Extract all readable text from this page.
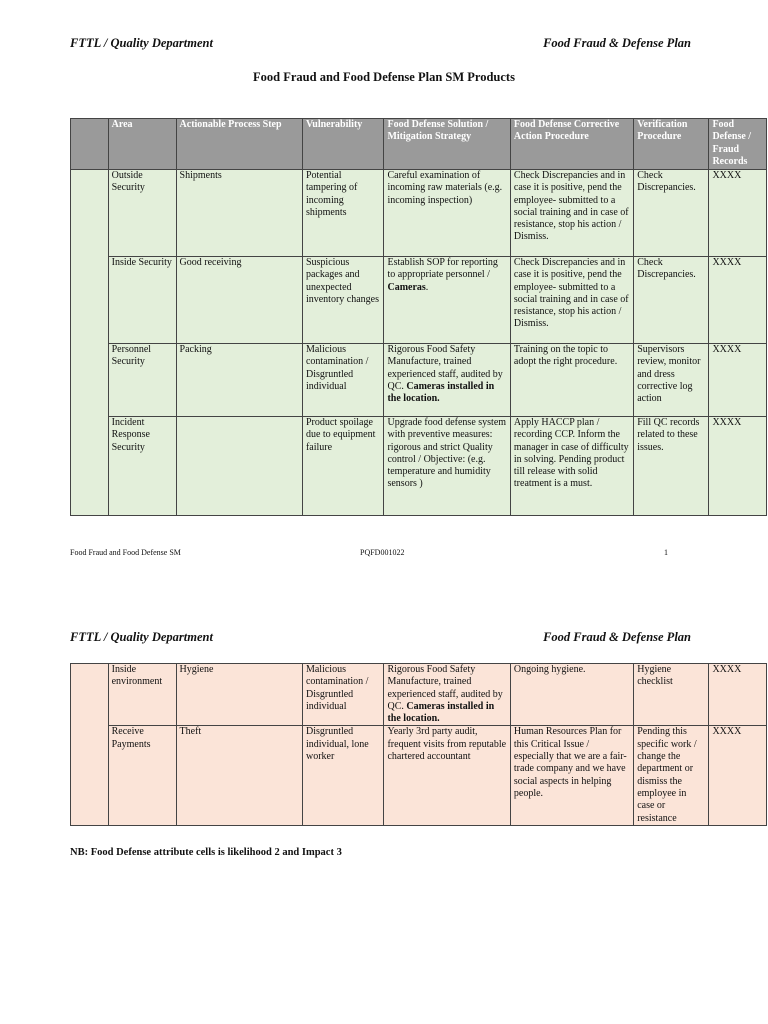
FTTL / Quality Department	Food Fraud & Defense Plan
Food Fraud and Food Defense Plan SM Products
	Area	Actionable Process Step	Vulnerability	Food Defense Solution / Mitigation Strategy	Food Defense Corrective Action Procedure	Verification Procedure	Food Defense / Fraud Records
Food	Outside Security	Shipments	Potential tampering of incoming shipments	Careful examination of incoming raw materials (e.g. incoming inspection)	Check Discrepancies and in case it is positive, pend the employee- submitted to a social training and in case of resistance, stop his action / Dismiss.	Check Discrepancies.	XXXX
	Inside Security	Good receiving	Suspicious packages and unexpected inventory changes	Establish SOP for reporting to appropriate personnel / Cameras.	Check Discrepancies and in case it is positive, pend the employee- submitted to a social training and in case of resistance, stop his action / Dismiss.	Check Discrepancies.	XXXX
	Personnel Security	Packing	Malicious contamination / Disgruntled individual	Rigorous Food Safety Manufacture, trained experienced staff, audited by QC. Cameras installed in the location.	Training on the topic to adopt the right procedure.	Supervisors review, monitor and dress corrective log action	XXXX
	Incident Response Security		Product spoilage due to equipment failure	Upgrade food defense system with preventive measures: rigorous and strict Quality control / Objective: (e.g. temperature and humidity sensors )	Apply HACCP plan / recording CCP. Inform the manager in case of difficulty in solving. Pending product till release with solid treatment is a must.	Fill QC records related to these issues.	XXXX
Food Fraud and Food Defense SM	PQFD001022	1
FTTL / Quality Department	Food Fraud & Defense Plan
	Inside environment	Hygiene	Malicious contamination / Disgruntled individual	Rigorous Food Safety Manufacture, trained experienced staff, audited by QC. Cameras installed in the location.	Ongoing hygiene.	Hygiene checklist	XXXX
	Receive Payments	Theft	Disgruntled individual, lone worker	Yearly 3rd party audit, frequent visits from reputable chartered accountant	Human Resources Plan for this Critical Issue / especially that we are a fair-trade company and we have social aspects in helping people.	Pending this specific work / change the department or dismiss the employee in case or resistance	XXXX
NB: Food Defense attribute cells is likelihood 2 and Impact 3
